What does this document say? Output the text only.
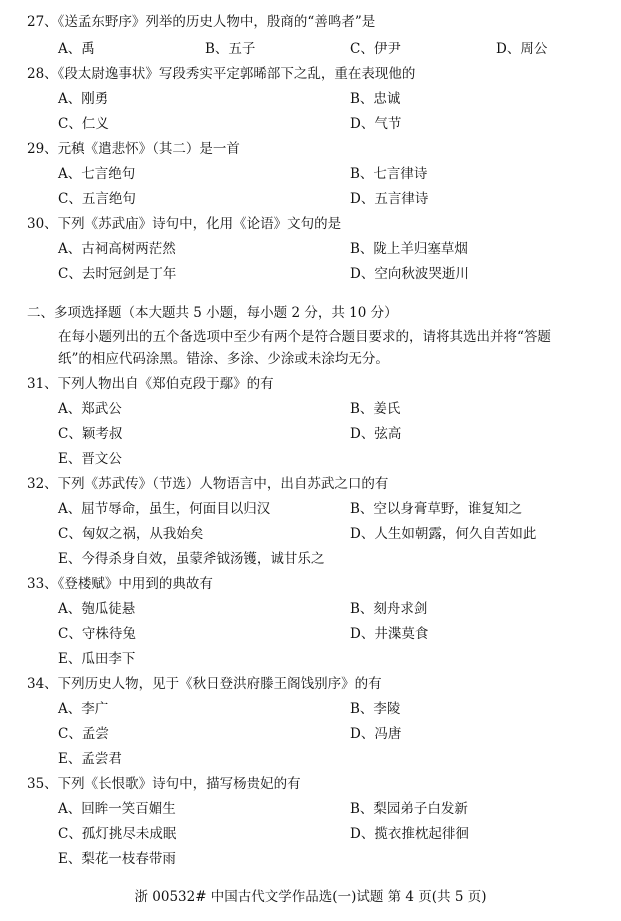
27、《送孟东野序》列举的历史人物中，殷商的“善鸣者”是
A、禹	B、五子	C、伊尹	D、周公
28、《段太尉逸事状》写段秀实平定郭晞部下之乱，重在表现他的
A、刚勇	B、忠诚
C、仁义	D、气节
29、元稹《遣悲怀》（其二）是一首
A、七言绝句	B、七言律诗
C、五言绝句	D、五言律诗
30、下列《苏武庙》诗句中，化用《论语》文句的是
A、古祠高树两茫然	B、陇上羊归塞草烟
C、去时冠剑是丁年	D、空向秋波哭逝川
二、多项选择题（本大题共 5 小题，每小题 2 分，共 10 分）
在每小题列出的五个备选项中至少有两个是符合题目要求的，请将其选出并将“答题
纸”的相应代码涂黑。错涂、多涂、少涂或未涂均无分。
31、下列人物出自《郑伯克段于鄢》的有
A、郑武公	B、姜氏
C、颖考叔	D、弦高
E、晋文公
32、下列《苏武传》（节选）人物语言中，出自苏武之口的有
A、屈节辱命，虽生，何面目以归汉	B、空以身膏草野，谁复知之
C、匈奴之祸，从我始矣	D、人生如朝露，何久自苦如此
E、今得杀身自效，虽蒙斧钺汤镬，诚甘乐之
33、《登楼赋》中用到的典故有
A、匏瓜徒悬	B、刻舟求剑
C、守株待兔	D、井渫莫食
E、瓜田李下
34、下列历史人物，见于《秋日登洪府滕王阁饯别序》的有
A、李广	B、李陵
C、孟尝	D、冯唐
E、孟尝君
35、下列《长恨歌》诗句中，描写杨贵妃的有
A、回眸一笑百媚生	B、梨园弟子白发新
C、孤灯挑尽未成眠	D、揽衣推枕起徘徊
E、梨花一枝春带雨
浙 00532# 中国古代文学作品选(一)试题 第 4 页(共 5 页)
